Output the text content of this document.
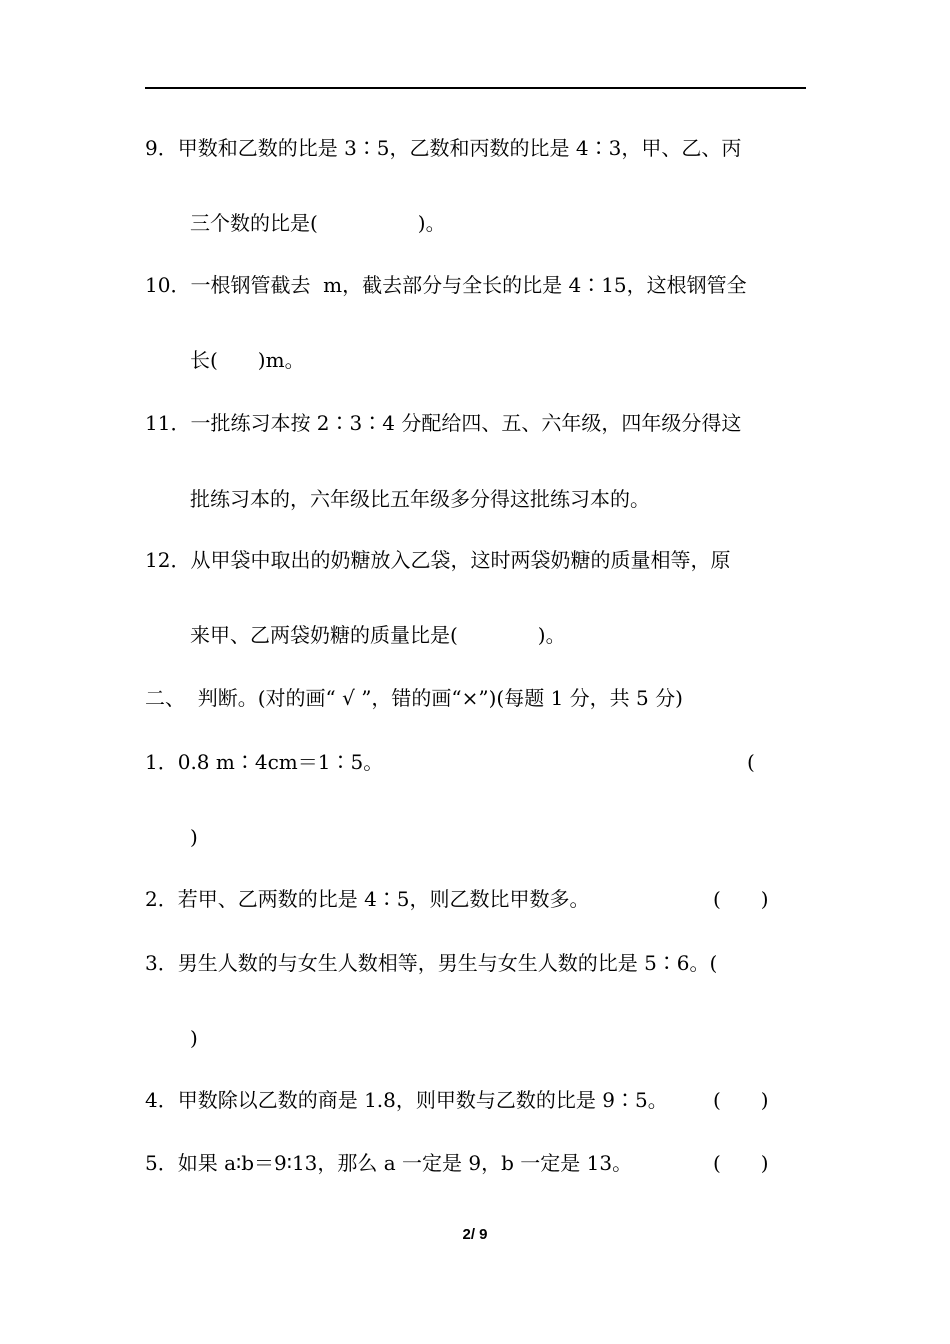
9．甲数和乙数的比是 3∶5，乙数和丙数的比是 4∶3，甲、乙、丙
三个数的比是(　　　　　)。
10．一根钢管截去  m，截去部分与全长的比是 4∶15，这根钢管全
长(　　)m。
11．一批练习本按 2∶3∶4 分配给四、五、六年级，四年级分得这
批练习本的，六年级比五年级多分得这批练习本的。
12．从甲袋中取出的奶糖放入乙袋，这时两袋奶糖的质量相等，原
来甲、乙两袋奶糖的质量比是(　　　　)。
二、  判断。(对的画“ √ ”，错的画“×”)(每题 1 分，共 5 分)
1．0.8 m∶4cm＝1∶5。	(
)
2．若甲、乙两数的比是 4∶5，则乙数比甲数多。	(　　)
3．男生人数的与女生人数相等，男生与女生人数的比是 5∶6。(
)
4．甲数除以乙数的商是 1.8，则甲数与乙数的比是 9∶5。 (　　)
5．如果 a∶b＝9∶13，那么 a 一定是 9，b 一定是 13。	(　　)
2/ 9
